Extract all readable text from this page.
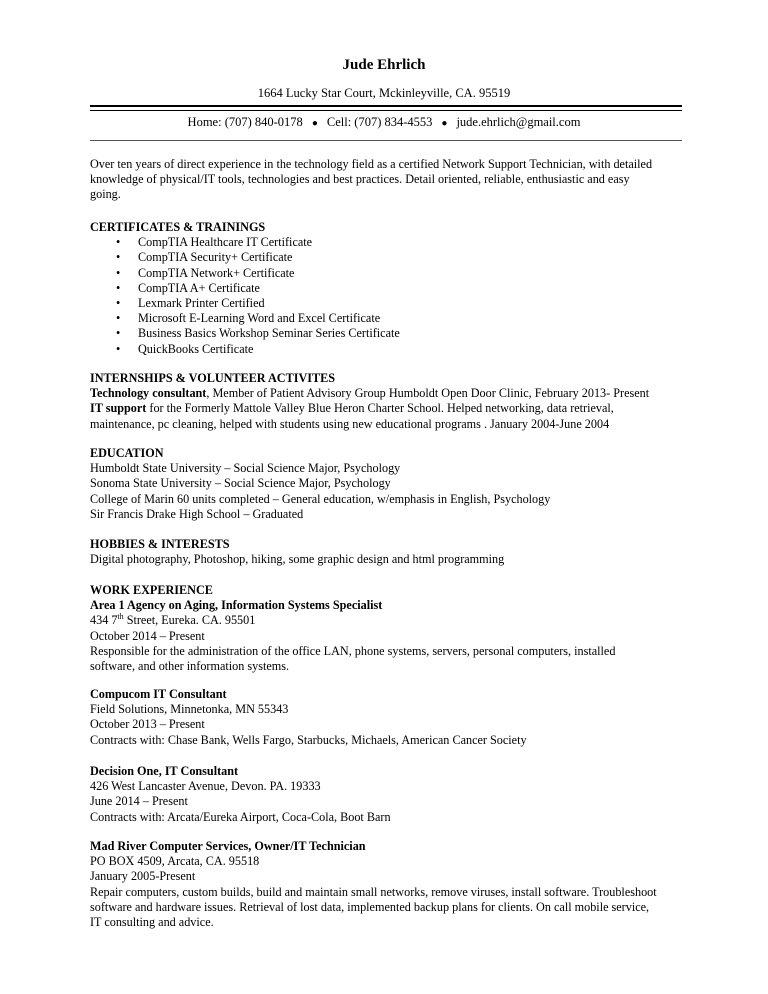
Jude Ehrlich
1664 Lucky Star Court, Mckinleyville, CA. 95519
Home: (707) 840-0178 ● Cell: (707) 834-4553 ● jude.ehrlich@gmail.com

Over ten years of direct experience in the technology field as a certified Network Support Technician, with detailed

knowledge of physical/IT tools, technologies and best practices. Detail oriented, reliable, enthusiastic and easy

going.

CERTIFICATES & TRAININGS

• CompTIA Healthcare IT Certificate
• CompTIA Security+ Certificate
• CompTIA Network+ Certificate
• CompTIA A+ Certificate
• Lexmark Printer Certified
• Microsoft E-Learning Word and Excel Certificate
• Business Basics Workshop Seminar Series Certificate
• QuickBooks Certificate

INTERNSHIPS & VOLUNTEER ACTIVITES

Technology consultant, Member of Patient Advisory Group Humboldt Open Door Clinic, February 2013- Present

IT support for the Formerly Mattole Valley Blue Heron Charter School. Helped networking, data retrieval,

maintenance, pc cleaning, helped with students using new educational programs . January 2004-June 2004

EDUCATION

Humboldt State University – Social Science Major, Psychology

Sonoma State University – Social Science Major, Psychology

College of Marin 60 units completed – General education, w/emphasis in English, Psychology

Sir Francis Drake High School – Graduated

HOBBIES & INTERESTS

Digital photography, Photoshop, hiking, some graphic design and html programming

WORK EXPERIENCE

Area 1 Agency on Aging, Information Systems Specialist

434 7th Street, Eureka. CA. 95501

October 2014 – Present

Responsible for the administration of the office LAN, phone systems, servers, personal computers, installed

software, and other information systems.

Compucom IT Consultant

Field Solutions, Minnetonka, MN 55343

October 2013 – Present

Contracts with: Chase Bank, Wells Fargo, Starbucks, Michaels, American Cancer Society

Decision One, IT Consultant

426 West Lancaster Avenue, Devon. PA. 19333

June 2014 – Present

Contracts with: Arcata/Eureka Airport, Coca-Cola, Boot Barn

Mad River Computer Services, Owner/IT Technician

PO BOX 4509, Arcata, CA. 95518

January 2005-Present

Repair computers, custom builds, build and maintain small networks, remove viruses, install software. Troubleshoot

software and hardware issues. Retrieval of lost data, implemented backup plans for clients. On call mobile service,

IT consulting and advice.
